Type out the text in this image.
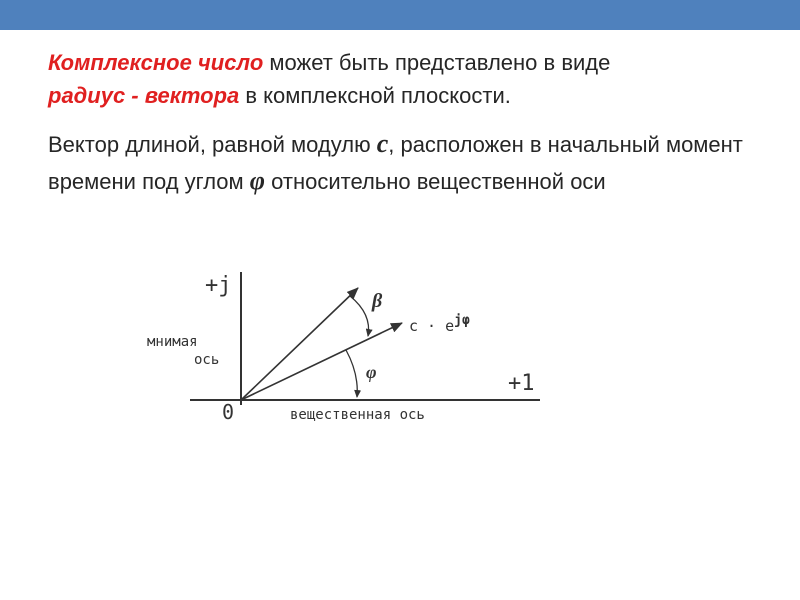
Комплексное число может быть представлено в виде
радиус - вектора в комплексной плоскости.

Вектор длиной, равной модулю c, расположен в начальный момент времени под углом φ относительно вещественной оси

+j
+1
0
мнимая
ось
вещественная ось
c · ejφ
β
φ
